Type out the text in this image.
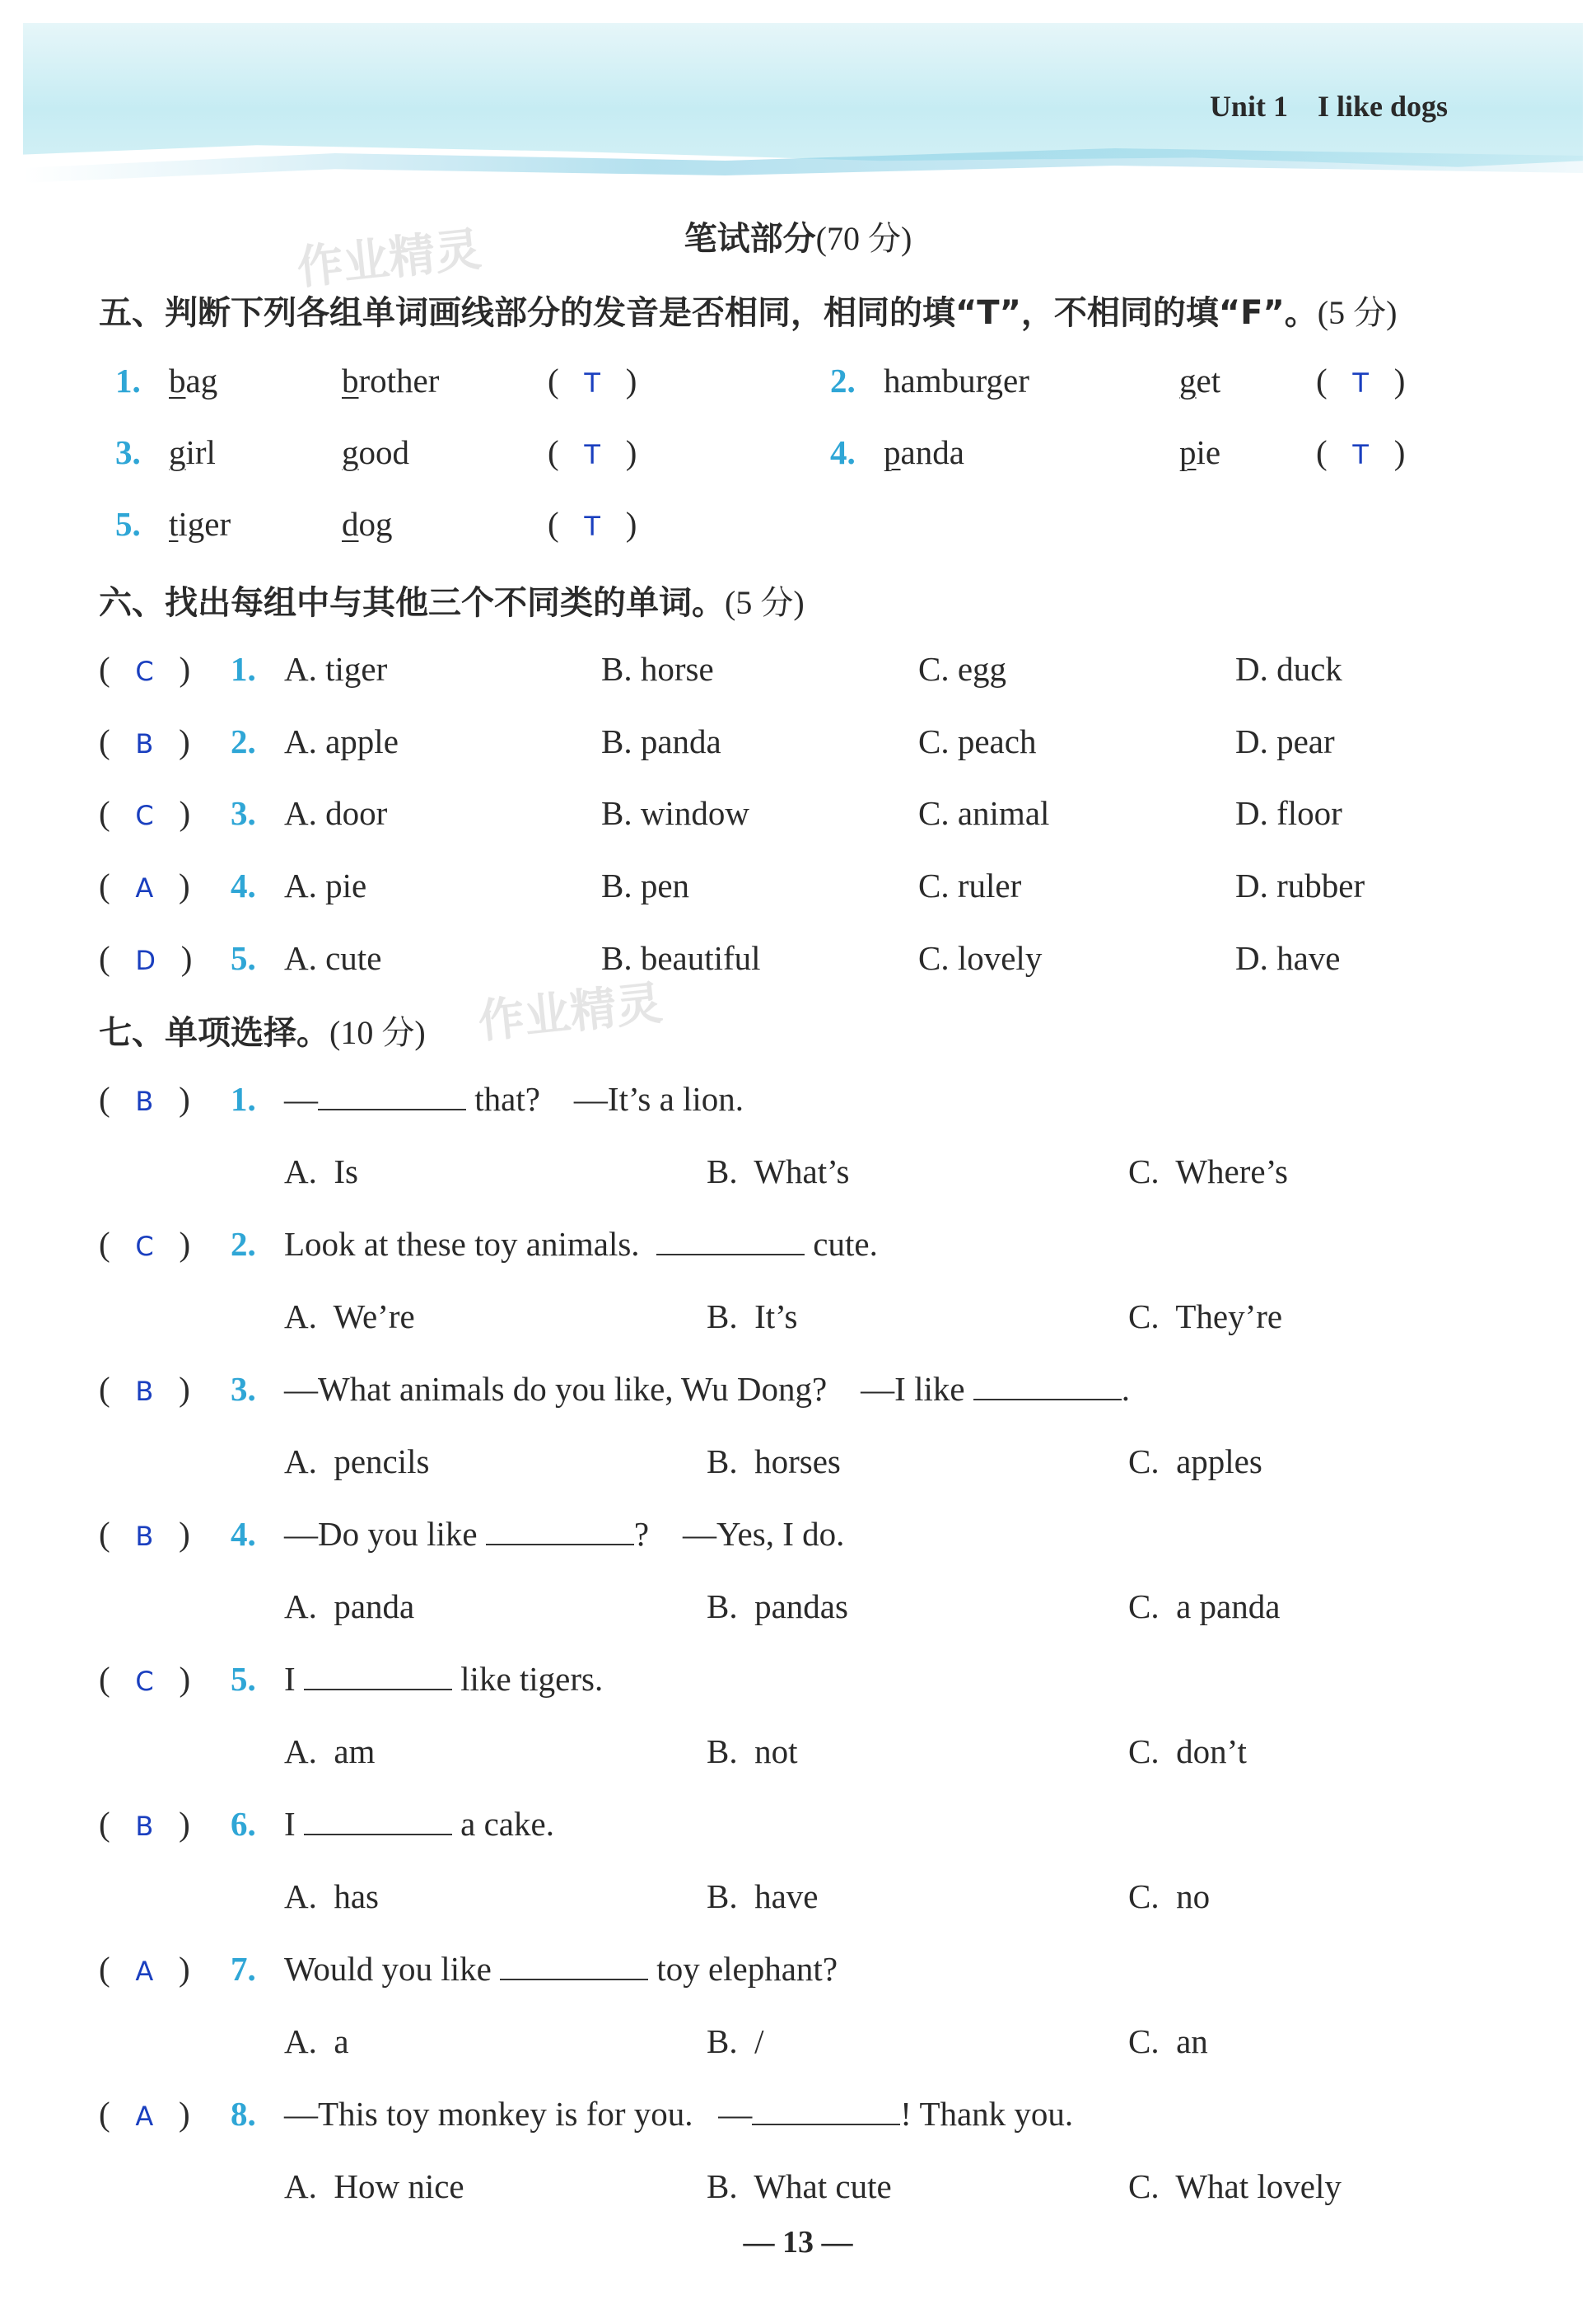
Unit 1 I like dogs
作业精灵
作业精灵
笔试部分(70 分)
五、判断下列各组单词画线部分的发音是否相同，相同的填“T”，不相同的填“F”。(5 分)
1. bag	brother	(   T   )	2. hamburger	get	(   T   )
3. girl	good	(   T   )	4. panda	pie	(   T   )
5. tiger	dog	(   T   )
六、找出每组中与其他三个不同类的单词。(5 分)
(   C   ) 1. A. tiger	B. horse	C. egg	D. duck
(   B   ) 2. A. apple	B. panda	C. peach	D. pear
(   C   ) 3. A. door	B. window	C. animal	D. floor
(   A   ) 4. A. pie	B. pen	C. ruler	D. rubber
(   D   ) 5. A. cute	B. beautiful	C. lovely	D. have
七、单项选择。(10 分)
(   B   ) 1. —	that?    —It’s a lion.
A.  Is	B.  What’s	C.  Where’s
(   C   ) 2. Look at these toy animals.	cute.
A.  We’re	B.  It’s	C.  They’re
(   B   ) 3. —What animals do you like, Wu Dong?    —I like	.
A.  pencils	B.  horses	C.  apples
(   B   ) 4. —Do you like	?    —Yes, I do.
A.  panda	B.  pandas	C.  a panda
(   C   ) 5. I	like tigers.
A.  am	B.  not	C.  don’t
(   B   ) 6. I	a cake.
A.  has	B.  have	C.  no
(   A   ) 7. Would you like	toy elephant?
A.  a	B.  /	C.  an
(   A   ) 8. —This toy monkey is for you.   —	! Thank you.
A.  How nice	B.  What cute	C.  What lovely
— 13 —
